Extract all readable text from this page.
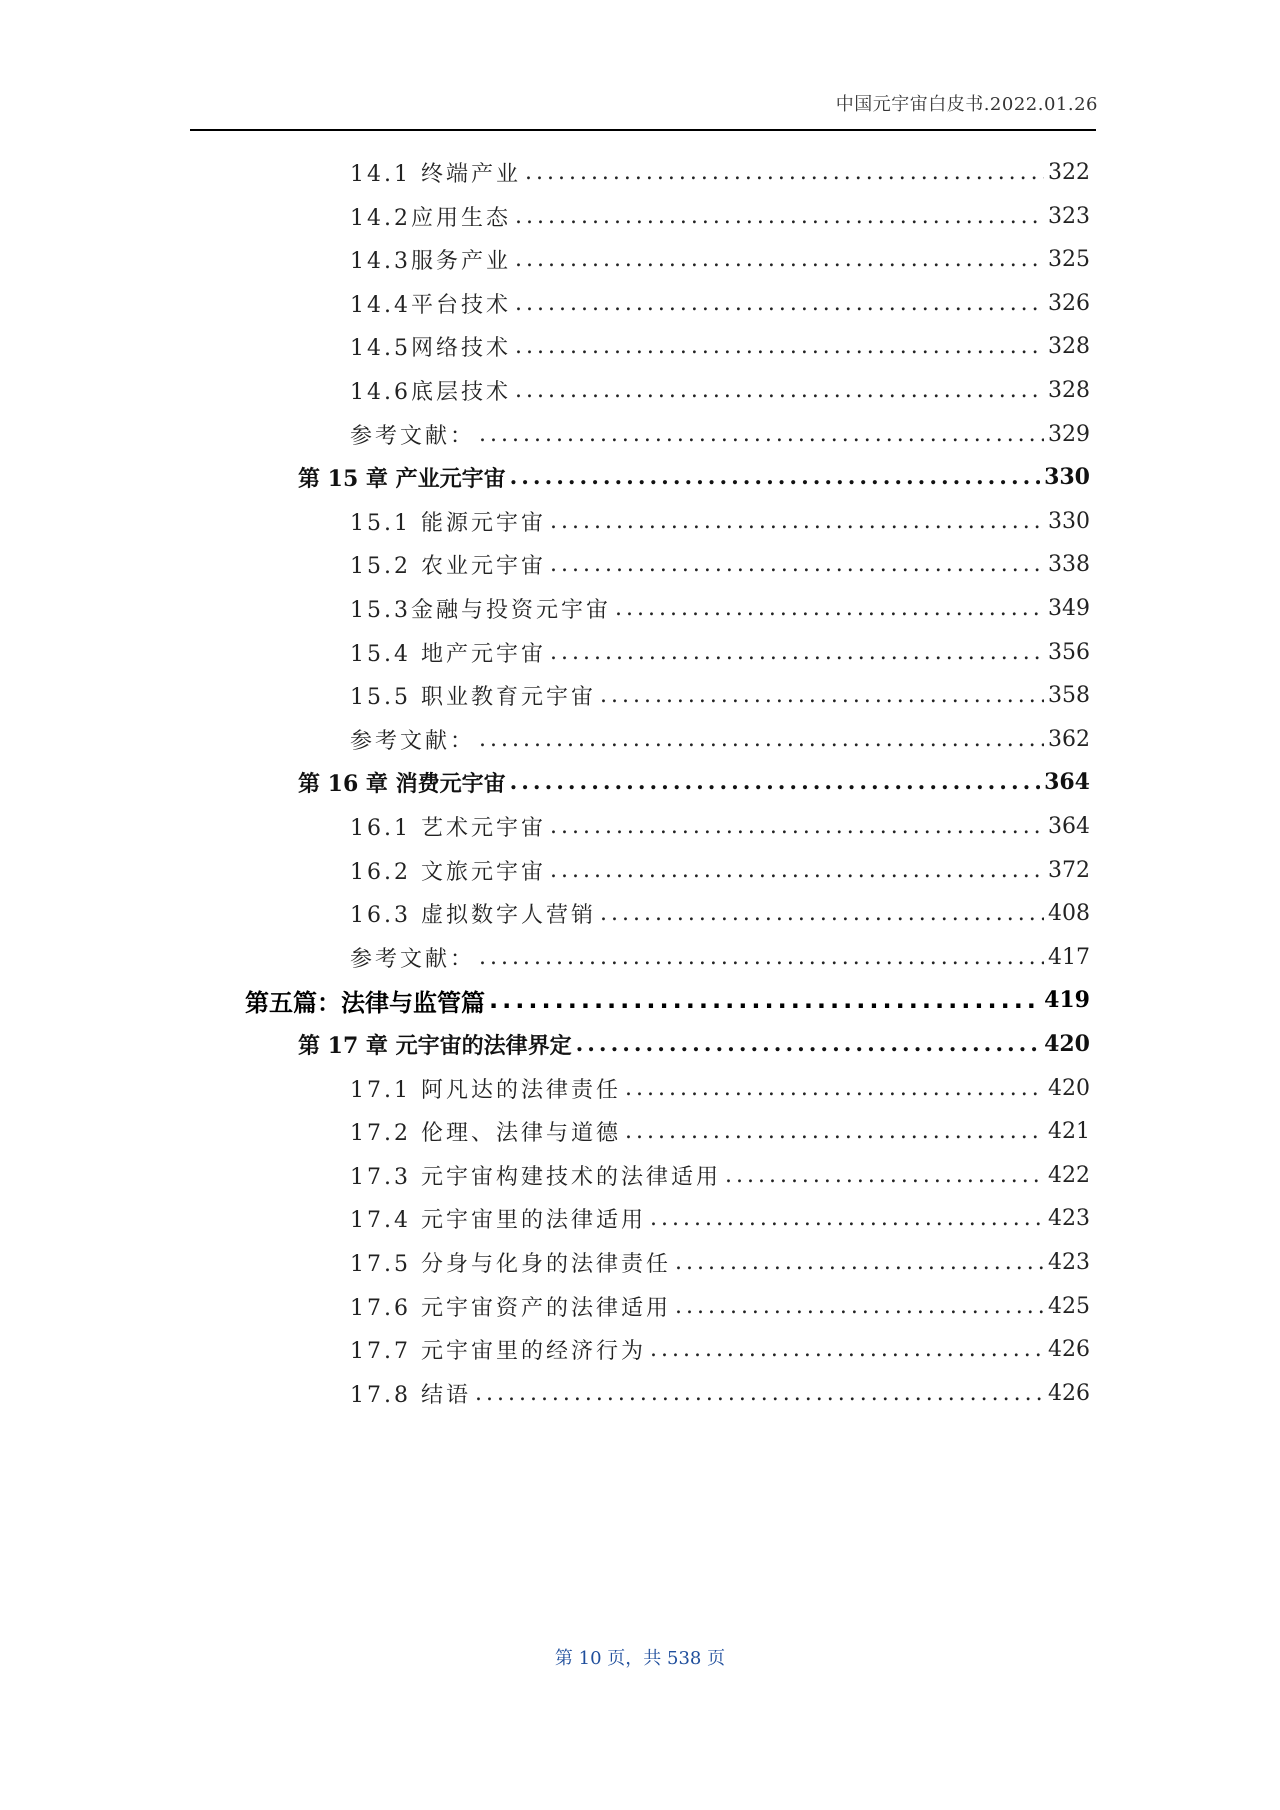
中国元宇宙白皮书.2022.01.26
14.1 终端产业 .....	322
14.2应用生态 .....	323
14.3服务产业 .....	325
14.4平台技术 .....	326
14.5网络技术 .....	328
14.6底层技术 .....	328
参考文献： .....	329
第 15 章 产业元宇宙 .....	330
15.1 能源元宇宙 .....	330
15.2 农业元宇宙 .....	338
15.3金融与投资元宇宙 .....	349
15.4 地产元宇宙 .....	356
15.5 职业教育元宇宙 .....	358
参考文献： .....	362
第 16 章 消费元宇宙 .....	364
16.1 艺术元宇宙 .....	364
16.2 文旅元宇宙 .....	372
16.3 虚拟数字人营销 .....	408
参考文献： .....	417
第五篇：法律与监管篇 .....	419
第 17 章 元宇宙的法律界定 .....	420
17.1 阿凡达的法律责任 .....	420
17.2 伦理、法律与道德 .....	421
17.3 元宇宙构建技术的法律适用 .....	422
17.4 元宇宙里的法律适用 .....	423
17.5 分身与化身的法律责任 .....	423
17.6 元宇宙资产的法律适用 .....	425
17.7 元宇宙里的经济行为 .....	426
17.8 结语 .....	426
第 10 页，共 538 页
